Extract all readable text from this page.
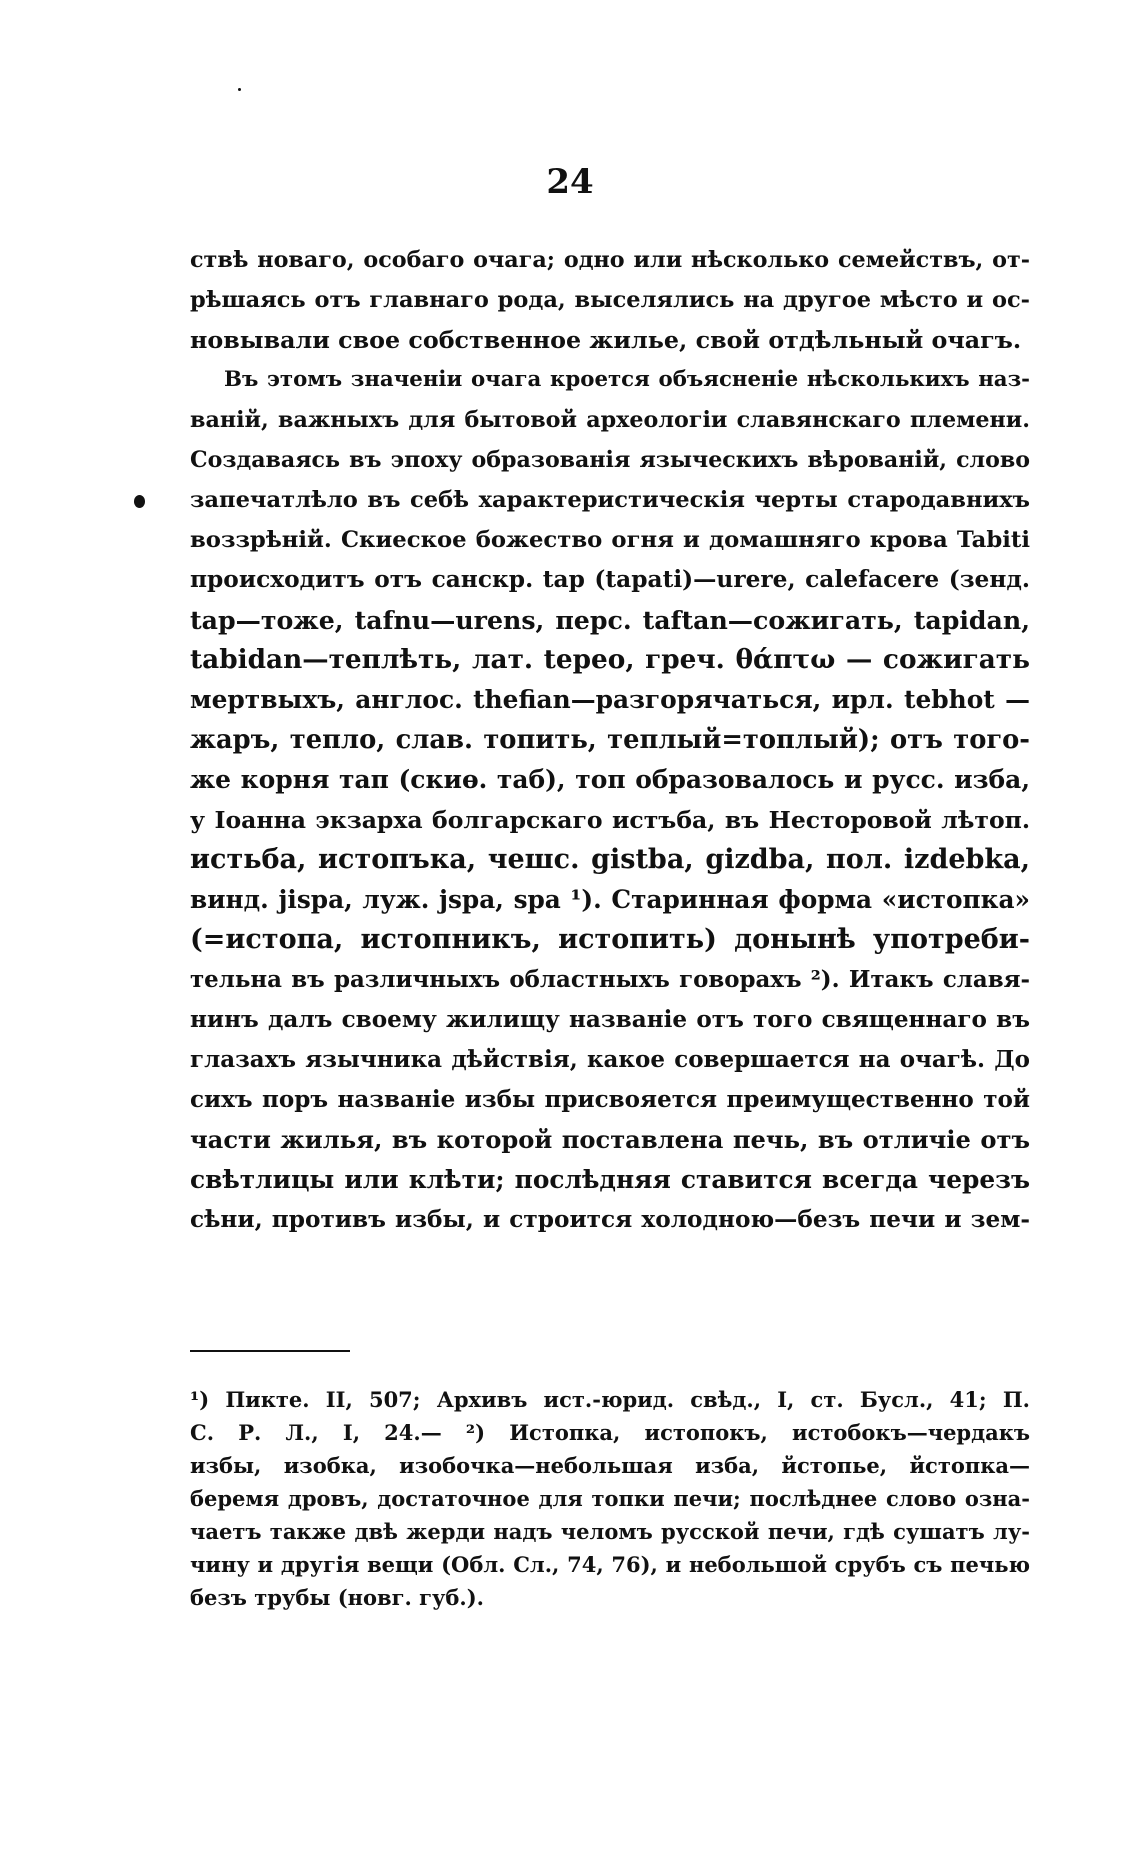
24
ствѣ новаго, особаго очага; одно или нѣсколько семействъ, от-
рѣшаясь отъ главнаго рода, выселялись на другое мѣсто и ос-
новывали свое собственное жилье, свой отдѣльный очагъ.
Въ этомъ значеніи очага кроется объясненіе нѣсколькихъ наз-
ваній, важныхъ для бытовой археологіи славянскаго племени.
Создаваясь въ эпоху образованія языческихъ вѣрованій, слово
запечатлѣло въ себѣ характеристическія черты стародавнихъ
воззрѣній. Скиеское божество огня и домашняго крова Tabiti
происходитъ отъ санскр. tap (tapati)—urere, calefacere (зенд.
tap—тоже, tafnu—urens, перс. taftan—сожигать, tapidan,
tabidan—теплѣть, лат. tepeo, греч. θάπτω — сожигать
мертвыхъ, англос. thefian—разгорячаться, ирл. tebhot —
жаръ, тепло, слав. топить, теплый=топлый); отъ того-
же корня тап (скиө. таб), топ образовалось и русс. изба,
у Іоанна экзарха болгарскаго истъба, въ Несторовой лѣтоп.
истьба, истопъка, чешс. gistba, gizdba, пол. izdebka,
винд. jispa, луж. jspa, spa ¹). Старинная форма «истопка»
(=истопа, истопникъ, истопить) донынѣ употреби-
тельна въ различныхъ областныхъ говорахъ ²). Итакъ славя-
нинъ далъ своему жилищу названіе отъ того священнаго въ
глазахъ язычника дѣйствія, какое совершается на очагѣ. До
сихъ поръ названіе избы присвояется преимущественно той
части жилья, въ которой поставлена печь, въ отличіе отъ
свѣтлицы или клѣти; послѣдняя ставится всегда черезъ
сѣни, противъ избы, и строится холодною—безъ печи и зем-
¹) Пикте. II, 507; Архивъ ист.-юрид. свѣд., I, ст. Бусл., 41; П.
С. Р. Л., I, 24.— ²) Истопка, истопокъ, истобокъ—чердакъ
избы, изобка, изобочка—небольшая изба, йстопье, йстопка—
беремя дровъ, достаточное для топки печи; послѣднее слово озна-
чаетъ также двѣ жерди надъ челомъ русской печи, гдѣ сушатъ лу-
чину и другія вещи (Обл. Сл., 74, 76), и небольшой срубъ съ печью
безъ трубы (новг. губ.).
